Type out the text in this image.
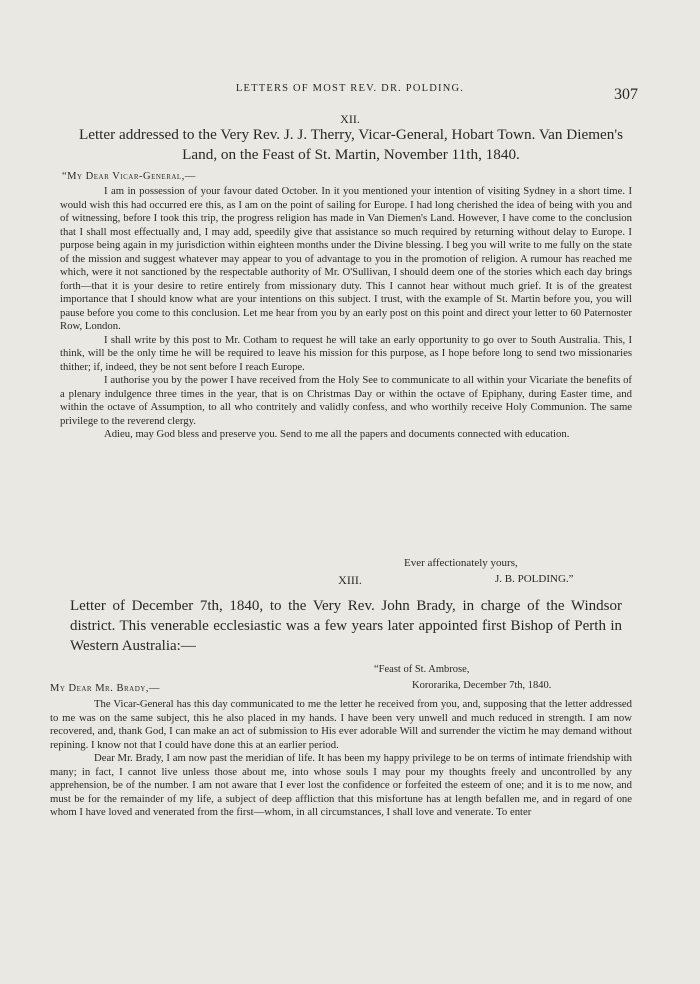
LETTERS OF MOST REV. DR. POLDING.	307
XII.
Letter addressed to the Very Rev. J. J. Therry, Vicar-General, Hobart Town. Van Diemen's Land, on the Feast of St. Martin, November 11th, 1840.
“My Dear Vicar-General,—

I am in possession of your favour dated October. In it you mentioned your intention of visiting Sydney in a short time. I would wish this had occurred ere this, as I am on the point of sailing for Europe. I had long cherished the idea of being with you and of witnessing, before I took this trip, the progress religion has made in Van Diemen's Land. However, I have come to the conclusion that I shall most effectually and, I may add, speedily give that assistance so much required by returning without delay to Europe. I purpose being again in my jurisdiction within eighteen months under the Divine blessing. I beg you will write to me fully on the state of the mission and suggest whatever may appear to you of advantage to you in the promotion of religion. A rumour has reached me which, were it not sanctioned by the respectable authority of Mr. O'Sullivan, I should deem one of the stories which each day brings forth—that it is your desire to retire entirely from missionary duty. This I cannot hear without much grief. It is of the greatest importance that I should know what are your intentions on this subject. I trust, with the example of St. Martin before you, you will pause before you come to this conclusion. Let me hear from you by an early post on this point and direct your letter to 60 Paternoster Row, London.

I shall write by this post to Mr. Cotham to request he will take an early opportunity to go over to South Australia. This, I think, will be the only time he will be required to leave his mission for this purpose, as I hope before long to send two missionaries thither; if, indeed, they be not sent before I reach Europe.

I authorise you by the power I have received from the Holy See to communicate to all within your Vicariate the benefits of a plenary indulgence three times in the year, that is on Christmas Day or within the octave of Epiphany, during Easter time, and within the octave of Assumption, to all who contritely and validly confess, and who worthily receive Holy Communion. The same privilege to the reverend clergy.

Adieu, may God bless and preserve you. Send to me all the papers and documents connected with education.

Ever affectionately yours,
J. B. POLDING.”
XIII.
Letter of December 7th, 1840, to the Very Rev. John Brady, in charge of the Windsor district. This venerable ecclesiastic was a few years later appointed first Bishop of Perth in Western Australia:—
“Feast of St. Ambrose,
Kororarika, December 7th, 1840.
My Dear Mr. Brady,—

The Vicar-General has this day communicated to me the letter he received from you, and, supposing that the letter addressed to me was on the same subject, this he also placed in my hands. I have been very unwell and much reduced in strength. I am now recovered, and, thank God, I can make an act of submission to His ever adorable Will and surrender the victim he may demand without repining. I know not that I could have done this at an earlier period.

Dear Mr. Brady, I am now past the meridian of life. It has been my happy privilege to be on terms of intimate friendship with many; in fact, I cannot live unless those about me, into whose souls I may pour my thoughts freely and uncontrolled by any apprehension, be of the number. I am not aware that I ever lost the confidence or forfeited the esteem of one; and it is to me now, and must be for the remainder of my life, a subject of deep affliction that this misfortune has at length befallen me, and in regard of one whom I have loved and venerated from the first—whom, in all circumstances, I shall love and venerate. To enter
